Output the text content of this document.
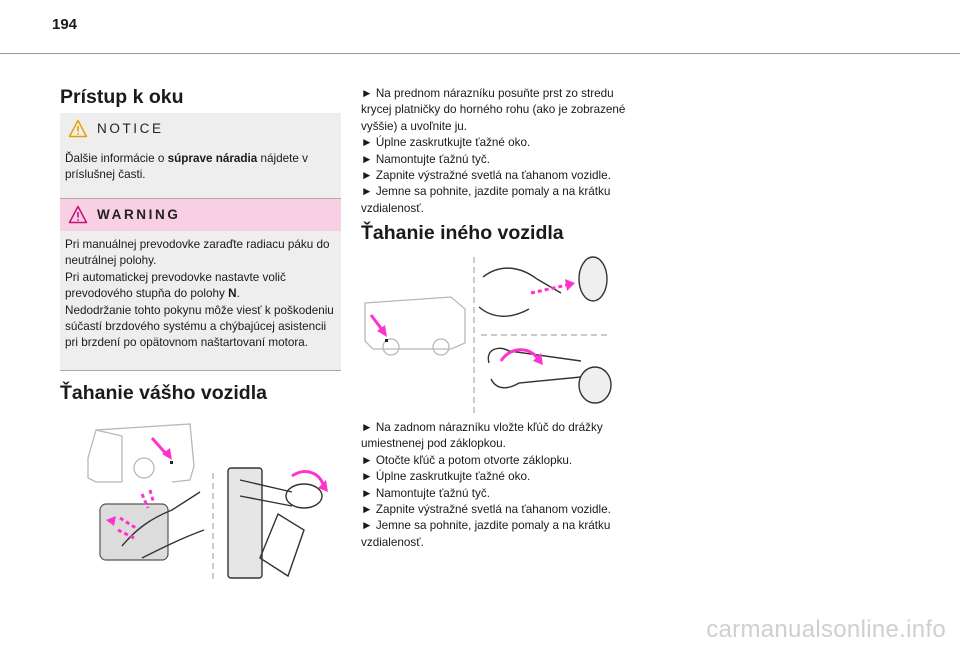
194
Prístup k oku
NOTICE

Ďalšie informácie o súprave náradia nájdete v príslušnej časti.

WARNING

Pri manuálnej prevodovke zaraďte radiacu páku do neutrálnej polohy.
Pri automatickej prevodovke nastavte volič prevodového stupňa do polohy N.
Nedodržanie tohto pokynu môže viesť k poškodeniu súčastí brzdového systému a chýbajúcej asistencii pri brzdení po opätovnom naštartovaní motora.

Ťahanie vášho vozidla
► Na prednom nárazníku posuňte prst zo stredu krycej platničky do horného rohu (ako je zobrazené vyššie) a uvoľnite ju.
► Úplne zaskrutkujte ťažné oko.
► Namontujte ťažnú tyč.
► Zapnite výstražné svetlá na ťahanom vozidle.
► Jemne sa pohnite, jazdite pomaly a na krátku vzdialenosť.
Ťahanie iného vozidla
► Na zadnom nárazníku vložte kľúč do drážky umiestnenej pod záklopkou.
► Otočte kľúč a potom otvorte záklopku.
► Úplne zaskrutkujte ťažné oko.
► Namontujte ťažnú tyč.
► Zapnite výstražné svetlá na ťahanom vozidle.
► Jemne sa pohnite, jazdite pomaly a na krátku vzdialenosť.
carmanualsonline.info
